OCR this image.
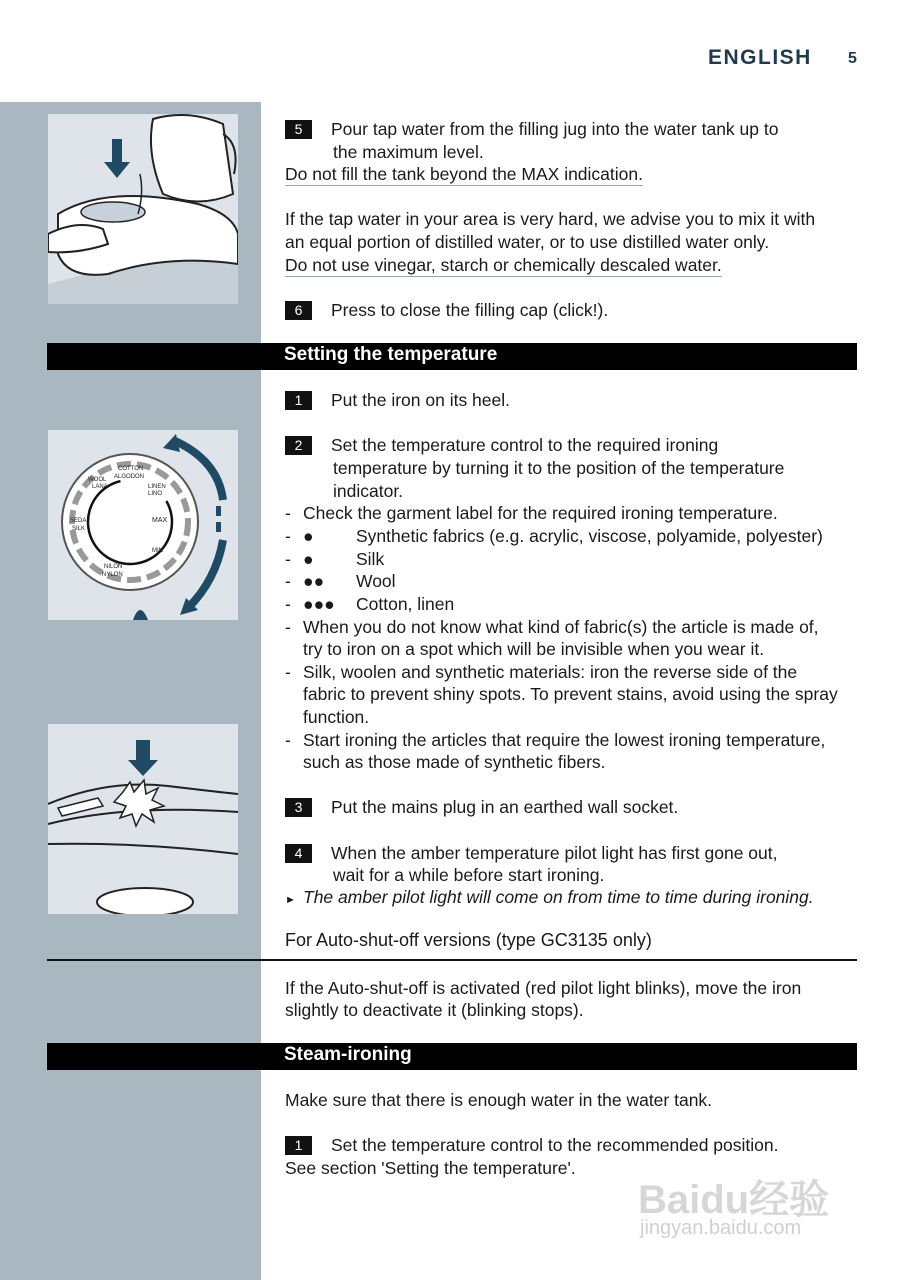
ENGLISH 5
MAX
LINO
LINEN
ALGODON
COTTON
LANA
WOOL
SEDA
SILK
NILON
NYLON
MIN
5 Pour tap water from the filling jug into the water tank up to
the maximum level.
Do not fill the tank beyond the MAX indication.
If the tap water in your area is very hard, we advise you to mix it with
an equal portion of distilled water, or to use distilled water only.
Do not use vinegar, starch or chemically descaled water.
6 Press to close the filling cap (click!).
Setting the temperature
1 Put the iron on its heel.
2 Set the temperature control to the required ironing
temperature by turning it to the position of the temperature
indicator.
- Check the garment label for the required ironing temperature.
- ● Synthetic fabrics (e.g. acrylic, viscose, polyamide, polyester)
- ● Silk
- ●● Wool
- ●●● Cotton, linen
- When you do not know what kind of fabric(s) the article is made of,
try to iron on a spot which will be invisible when you wear it.
- Silk, woolen and synthetic materials: iron the reverse side of the
fabric to prevent shiny spots. To prevent stains, avoid using the spray
function.
- Start ironing the articles that require the lowest ironing temperature,
such as those made of synthetic fibers.
3 Put the mains plug in an earthed wall socket.
4 When the amber temperature pilot light has first gone out,
wait for a while before start ironing.
► The amber pilot light will come on from time to time during ironing.
For Auto-shut-off versions (type GC3135 only)
If the Auto-shut-off is activated (red pilot light blinks), move the iron
slightly to deactivate it (blinking stops).
Steam-ironing
Make sure that there is enough water in the water tank.
1 Set the temperature control to the recommended position.
See section 'Setting the temperature'.
Baidu经验
jingyan.baidu.com
